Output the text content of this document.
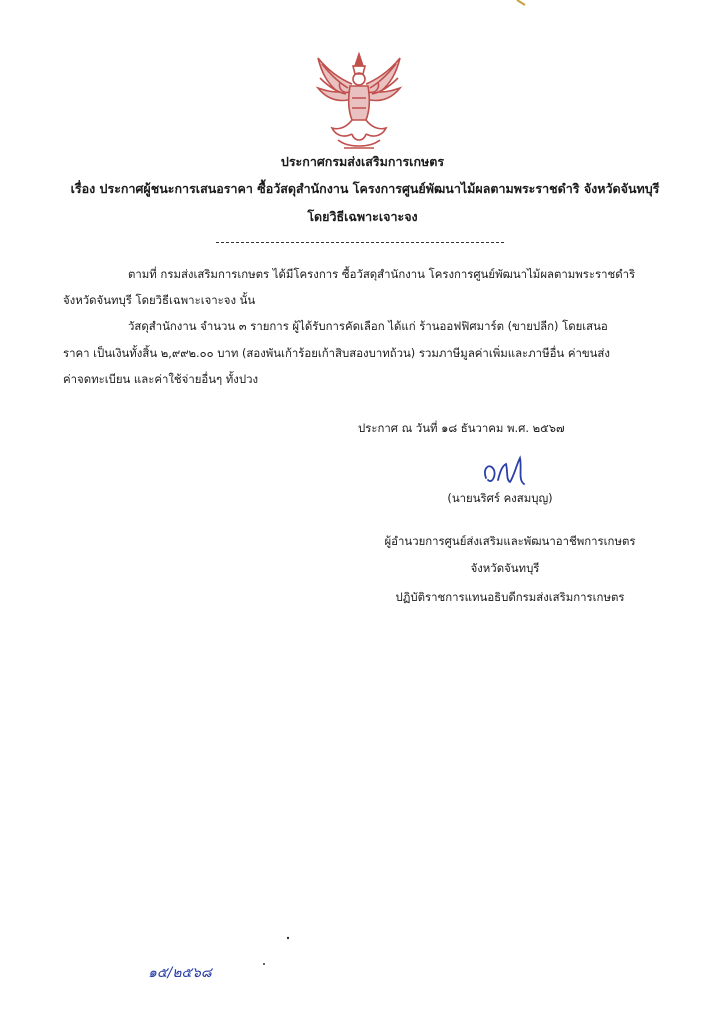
ประกาศกรมส่งเสริมการเกษตร
เรื่อง ประกาศผู้ชนะการเสนอราคา ซื้อวัสดุสำนักงาน โครงการศูนย์พัฒนาไม้ผลตามพระราชดำริ จังหวัดจันทบุรี
โดยวิธีเฉพาะเจาะจง
ตามที่ กรมส่งเสริมการเกษตร ได้มีโครงการ ซื้อวัสดุสำนักงาน โครงการศูนย์พัฒนาไม้ผลตามพระราชดำริ
จังหวัดจันทบุรี โดยวิธีเฉพาะเจาะจง นั้น
วัสดุสำนักงาน จำนวน ๓ รายการ ผู้ได้รับการคัดเลือก ได้แก่ ร้านออฟฟิศมาร์ต (ขายปลีก) โดยเสนอ
ราคา เป็นเงินทั้งสิ้น ๒,๙๙๒.๐๐ บาท (สองพันเก้าร้อยเก้าสิบสองบาทถ้วน) รวมภาษีมูลค่าเพิ่มและภาษีอื่น ค่าขนส่ง
ค่าจดทะเบียน และค่าใช้จ่ายอื่นๆ ทั้งปวง
ประกาศ ณ วันที่ ๑๘ ธันวาคม พ.ศ. ๒๕๖๗
(นายนริศร์ คงสมบุญ)
ผู้อำนวยการศูนย์ส่งเสริมและพัฒนาอาชีพการเกษตร
จังหวัดจันทบุรี
ปฏิบัติราชการแทนอธิบดีกรมส่งเสริมการเกษตร
๑๕/๒๕๖๘
